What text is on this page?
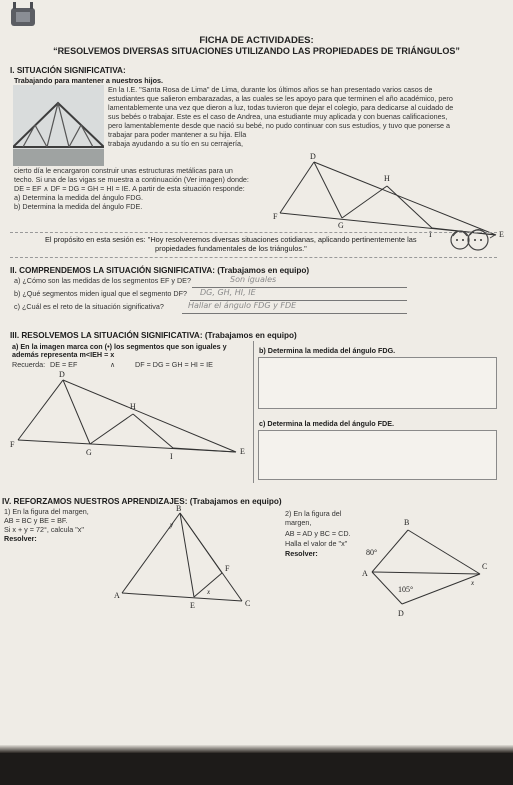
FICHA DE ACTIVIDADES:
“RESOLVEMOS DIVERSAS SITUACIONES UTILIZANDO LAS PROPIEDADES DE TRIÁNGULOS”
I. SITUACIÓN SIGNIFICATIVA:
Trabajando para mantener a nuestros hijos.
En la I.E. "Santa Rosa de Lima" de Lima, durante los últimos años se han presentado varios casos de
estudiantes que salieron embarazadas, a las cuales se les apoyo para que terminen el año académico, pero
lamentablemente una vez que dieron a luz, todas tuvieron que dejar el colegio, para dedicarse al cuidado de
sus bebés o trabajar. Este es el caso de Andrea, una estudiante muy aplicada y con buenas calificaciones,
pero lamentablemente desde que nació su bebé, no pudo continuar con sus estudios, y tuvo que ponerse a
trabajar para poder mantener a su hija. Ella
trabaja ayudando a su tío en su cerrajería,
cierto día le encargaron construir unas estructuras metálicas para un
techo. Si una de las vigas se muestra a continuación (Ver imagen) donde:
DE = EF ∧ DF = DG = GH = HI = IE. A partir de esta situación responde:
a) Determina la medida del ángulo FDG.
b) Determina la medida del ángulo FDE.
D
H
F
G
I	E
El propósito en esta sesión es: "Hoy resolveremos diversas situaciones cotidianas, aplicando pertinentemente las
propiedades fundamentales de los triángulos."
II. COMPRENDEMOS LA SITUACIÓN SIGNIFICATIVA: (Trabajamos en equipo)
a) ¿Cómo son las medidas de los segmentos EF y DE?	Son iguales
b) ¿Qué segmentos miden igual que el segmento DF? DG, GH, HI, IE
c) ¿Cuál es el reto de la situación significativa?	Hallar el ángulo FDG y FDE
III. RESOLVEMOS LA SITUACIÓN SIGNIFICATIVA: (Trabajamos en equipo)
a) En la imagen marca con (•) los segmentos que son iguales y
además representa m<IEH = x
Recuerda: DE = EF	∧	DF = DG = GH = HI = IE
D
H
F
G	I
E
b) Determina la medida del ángulo FDG.
c) Determina la medida del ángulo FDE.
IV. REFORZAMOS NUESTROS APRENDIZAJES: (Trabajamos en equipo)
1) En la figura del margen,
AB = BC y BE = BF.
Si x + y = 72°, calcula "x"
Resolver:
B
y
F
A
E
x
C
2) En la figura del
margen,
AB = AD y BC = CD.
Halla el valor de "x"
Resolver:
B
80°
A
C
105°
x
D
